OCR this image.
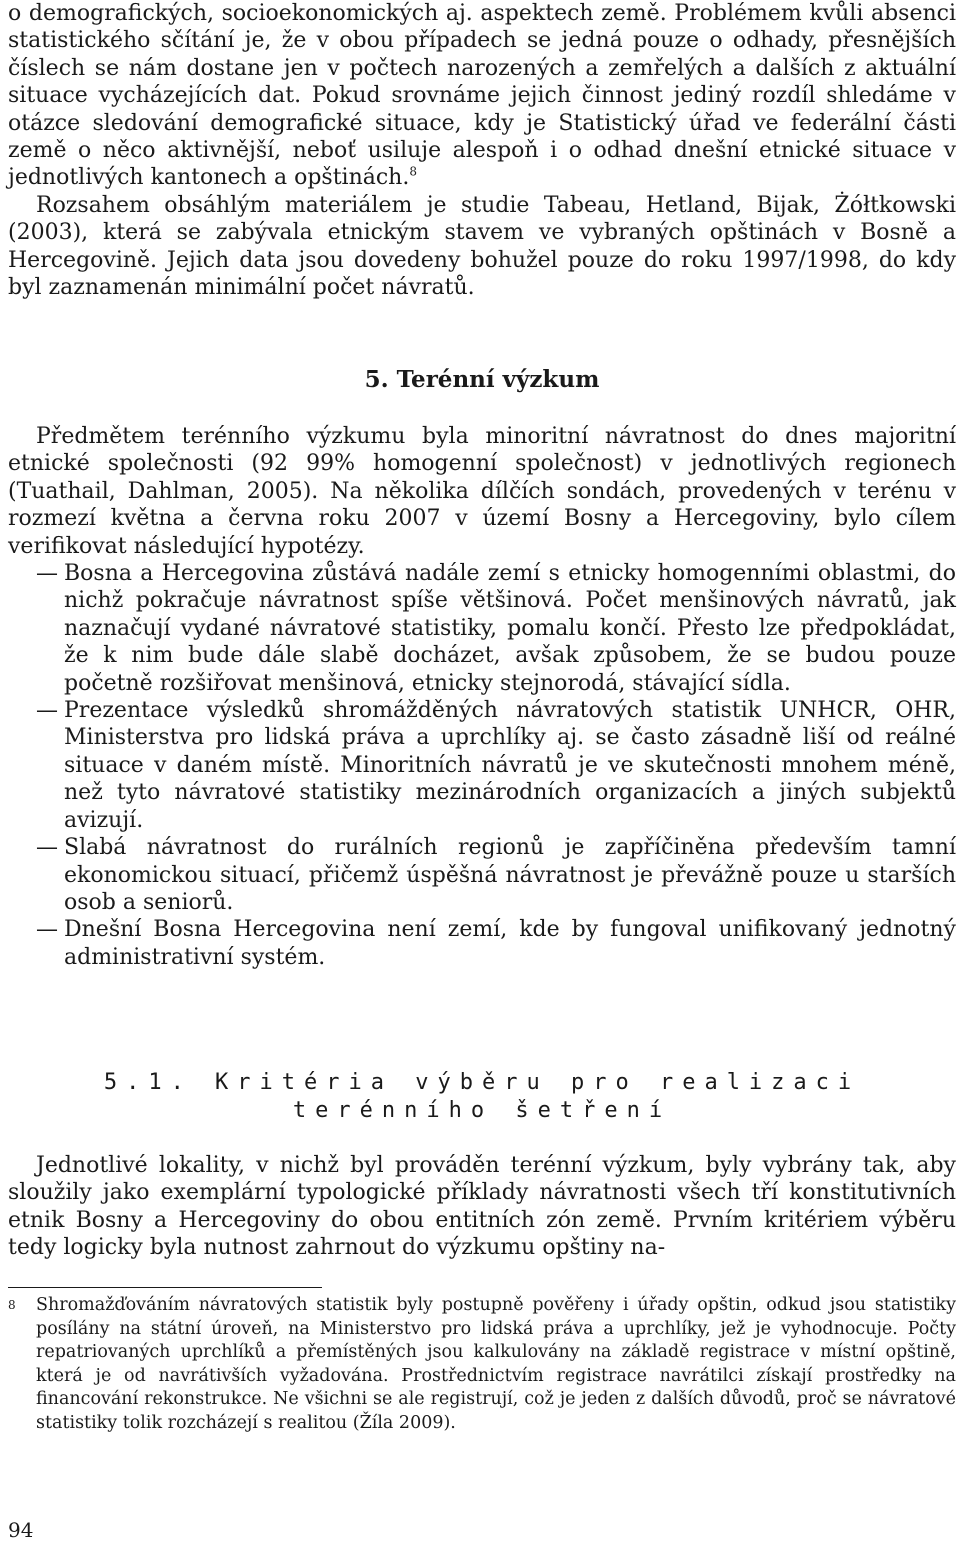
o demografických, socioekonomických aj. aspektech země. Problémem kvůli absenci statistického sčítání je, že v obou případech se jedná pouze o odhady, přesnějších číslech se nám dostane jen v počtech narozených a zemřelých a dalších z aktuální situace vycházejících dat. Pokud srovnáme jejich činnost jediný rozdíl shledáme v otázce sledování demografické situace, kdy je Statistický úřad ve federální části země o něco aktivnější, neboť usiluje alespoň i o odhad dnešní etnické situace v jednotlivých kantonech a opštinách.$^8$
Rozsahem obsáhlým materiálem je studie Tabeau, Hetland, Bijak, Żółtkowski (2003), která se zabývala etnickým stavem ve vybraných opštinách v Bosně a Hercegovině. Jejich data jsou dovedeny bohužel pouze do roku 1997/1998, do kdy byl zaznamenán minimální počet návratů.

5. Terénní výzkum

Předmětem terénního výzkumu byla minoritní návratnost do dnes majoritní etnické společnosti (92 99% homogenní společnost) v jednotlivých regionech (Tuathail, Dahlman, 2005). Na několika dílčích sondách, provedených v terénu v rozmezí května a června roku 2007 v území Bosny a Hercegoviny, bylo cílem verifikovat následující hypotézy.

— Bosna a Hercegovina zůstává nadále zemí s etnicky homogenními oblastmi, do nichž pokračuje návratnost spíše většinová. Počet menšinových návratů, jak naznačují vydané návratové statistiky, pomalu končí. Přesto lze předpokládat, že k nim bude dále slabě docházet, avšak způsobem, že se budou pouze početně rozšiřovat menšinová, etnicky stejnorodá, stávající sídla.
— Prezentace výsledků shromážděných návratových statistik UNHCR, OHR, Ministerstva pro lidská práva a uprchlíky aj. se často zásadně liší od reálné situace v daném místě. Minoritních návratů je ve skutečnosti mnohem méně, než tyto návratové statistiky mezinárodních organizacích a jiných subjektů avizují.
— Slabá návratnost do rurálních regionů je zapříčiněna především tamní ekonomickou situací, přičemž úspěšná návratnost je převážně pouze u starších osob a seniorů.
— Dnešní Bosna Hercegovina není zemí, kde by fungoval unifikovaný jednotný administrativní systém.

5.1. Kritéria výběru pro realizaci

terénního šetření

Jednotlivé lokality, v nichž byl prováděn terénní výzkum, byly vybrány tak, aby sloužily jako exemplární typologické příklady návratnosti všech tří konstitutivních etnik Bosny a Hercegoviny do obou entitních zón země. Prvním kritériem výběru tedy logicky byla nutnost zahrnout do výzkumu opštiny na-

8	Shromažďováním návratových statistik byly postupně pověřeny i úřady opštin, odkud jsou statistiky posílány na státní úroveň, na Ministerstvo pro lidská práva a uprchlíky, jež je vyhodnocuje. Počty repatriovaných uprchlíků a přemístěných jsou kalkulovány na základě registrace v místní opštině, která je od navrátivších vyžadována. Prostřednictvím registrace navrátilci získají prostředky na financování rekonstrukce. Ne všichni se ale registrují, což je jeden z dalších důvodů, proč se návratové statistiky tolik rozcházejí s realitou (Žíla 2009).

94
